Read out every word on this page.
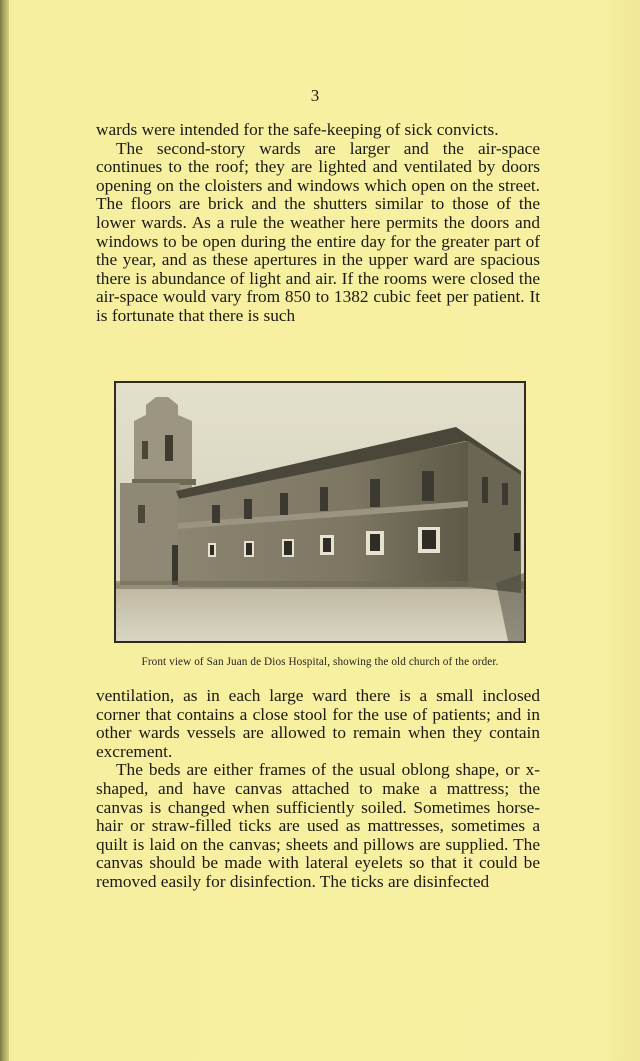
3

wards were intended for the safe-keeping of sick convicts.

The second-story wards are larger and the air-space continues to the roof; they are lighted and ventilated by doors opening on the cloisters and windows which open on the street. The floors are brick and the shutters similar to those of the lower wards. As a rule the weather here permits the doors and windows to be open during the entire day for the greater part of the year, and as these apertures in the upper ward are spacious there is abundance of light and air. If the rooms were closed the air-space would vary from 850 to 1382 cubic feet per patient. It is fortunate that there is such

Front view of San Juan de Dios Hospital, showing the old church of the order.

ventilation, as in each large ward there is a small inclosed corner that contains a close stool for the use of patients; and in other wards vessels are allowed to remain when they contain excrement.

The beds are either frames of the usual oblong shape, or x-shaped, and have canvas attached to make a mattress; the canvas is changed when sufficiently soiled. Sometimes horse-hair or straw-filled ticks are used as mattresses, sometimes a quilt is laid on the canvas; sheets and pillows are supplied. The canvas should be made with lateral eyelets so that it could be removed easily for disinfection. The ticks are disinfected
